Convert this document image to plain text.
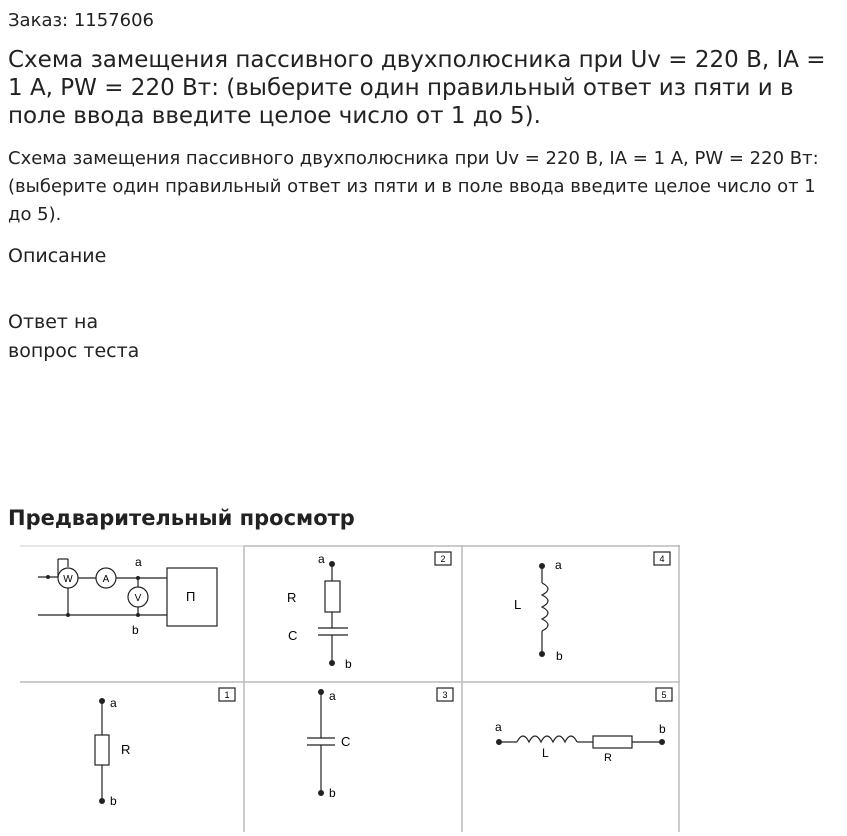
Заказ: 1157606
Схема замещения пассивного двухполюсника при Uv = 220 В, IA = 1 А, PW = 220 Вт: (выберите один правильный ответ из пяти и в поле ввода введите целое число от 1 до 5).
Схема замещения пассивного двухполюсника при Uv = 220 В, IA = 1 А, PW = 220 Вт: (выберите один правильный ответ из пяти и в поле ввода введите целое число от 1 до 5).
Описание
Ответ на
вопрос теста
Предварительный просмотр
W	A
V
a
b
П
a
b
R
C
2	a
b
L
4
a
b
R
1	a
b
C
3
a	b
L	R
5
